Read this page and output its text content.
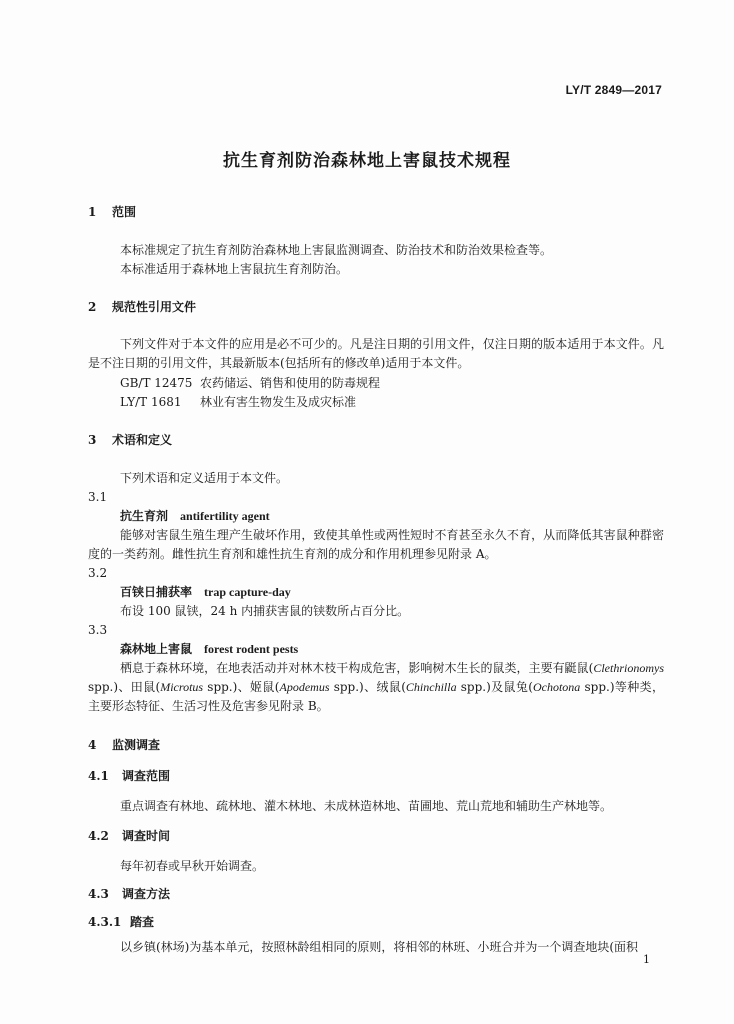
LY/T 2849—2017
抗生育剂防治森林地上害鼠技术规程
1 范围
本标准规定了抗生育剂防治森林地上害鼠监测调查、防治技术和防治效果检查等。
本标准适用于森林地上害鼠抗生育剂防治。
2 规范性引用文件
下列文件对于本文件的应用是必不可少的。凡是注日期的引用文件，仅注日期的版本适用于本文件。凡是不注日期的引用文件，其最新版本(包括所有的修改单)适用于本文件。
GB/T 12475 农药储运、销售和使用的防毒规程
LY/T 1681 林业有害生物发生及成灾标准
3 术语和定义
下列术语和定义适用于本文件。
3.1
抗生育剂 antifertility agent
能够对害鼠生殖生理产生破坏作用，致使其单性或两性短时不育甚至永久不育，从而降低其害鼠种群密度的一类药剂。雌性抗生育剂和雄性抗生育剂的成分和作用机理参见附录 A。
3.2
百铗日捕获率 trap capture-day
布设 100 鼠铗，24 h 内捕获害鼠的铗数所占百分比。
3.3
森林地上害鼠 forest rodent pests
栖息于森林环境，在地表活动并对林木枝干构成危害，影响树木生长的鼠类，主要有鼮鼠(Clethrionomys spp.)、田鼠(Microtus spp.)、姬鼠(Apodemus spp.)、绒鼠(Chinchilla spp.)及鼠兔(Ochotona spp.)等种类，主要形态特征、生活习性及危害参见附录 B。
4 监测调查
4.1 调查范围
重点调查有林地、疏林地、灌木林地、未成林造林地、苗圃地、荒山荒地和辅助生产林地等。
4.2 调查时间
每年初春或早秋开始调查。
4.3 调查方法
4.3.1 踏查
以乡镇(林场)为基本单元，按照林龄组相同的原则，将相邻的林班、小班合并为一个调查地块(面积
1
